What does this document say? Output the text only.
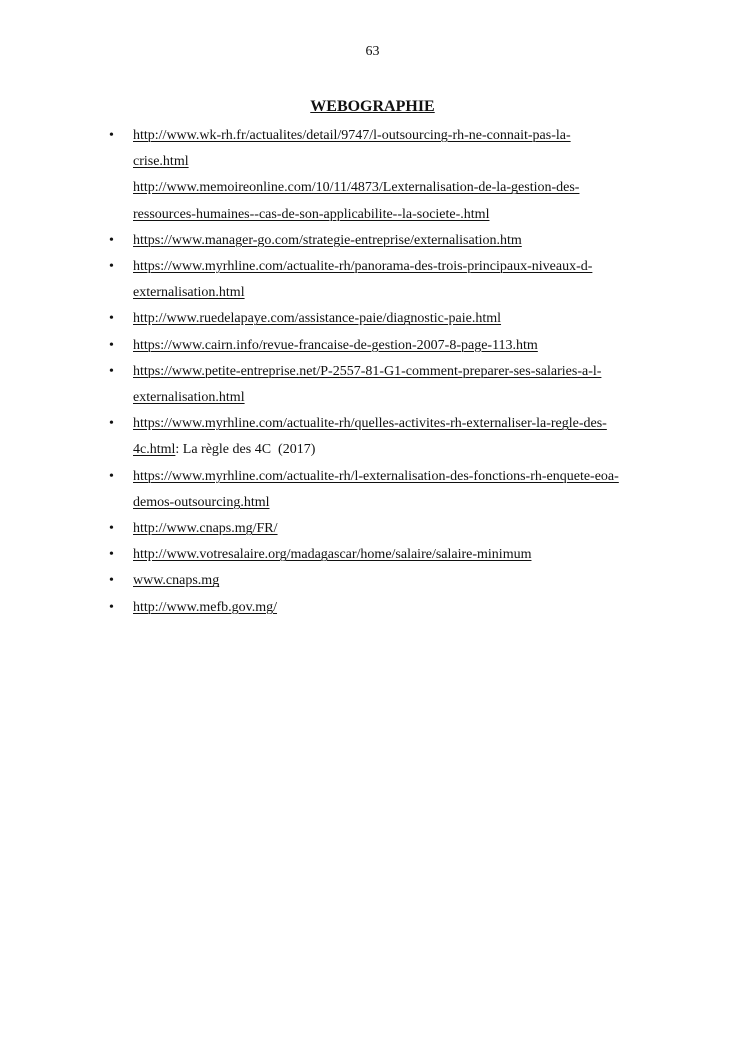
63
WEBOGRAPHIE
•	http://www.wk-rh.fr/actualites/detail/9747/l-outsourcing-rh-ne-connait-pas-la-
crise.html
http://www.memoireonline.com/10/11/4873/Lexternalisation-de-la-gestion-des-
ressources-humaines--cas-de-son-applicabilite--la-societe-.html
•	https://www.manager-go.com/strategie-entreprise/externalisation.htm
•	https://www.myrhline.com/actualite-rh/panorama-des-trois-principaux-niveaux-d-
externalisation.html
•	http://www.ruedelapaye.com/assistance-paie/diagnostic-paie.html
•	https://www.cairn.info/revue-francaise-de-gestion-2007-8-page-113.htm
•	https://www.petite-entreprise.net/P-2557-81-G1-comment-preparer-ses-salaries-a-l-
externalisation.html
•	https://www.myrhline.com/actualite-rh/quelles-activites-rh-externaliser-la-regle-des-
4c.html: La règle des 4C  (2017)
•	https://www.myrhline.com/actualite-rh/l-externalisation-des-fonctions-rh-enquete-eoa-
demos-outsourcing.html
•	http://www.cnaps.mg/FR/
•	http://www.votresalaire.org/madagascar/home/salaire/salaire-minimum
•	www.cnaps.mg
•	http://www.mefb.gov.mg/
